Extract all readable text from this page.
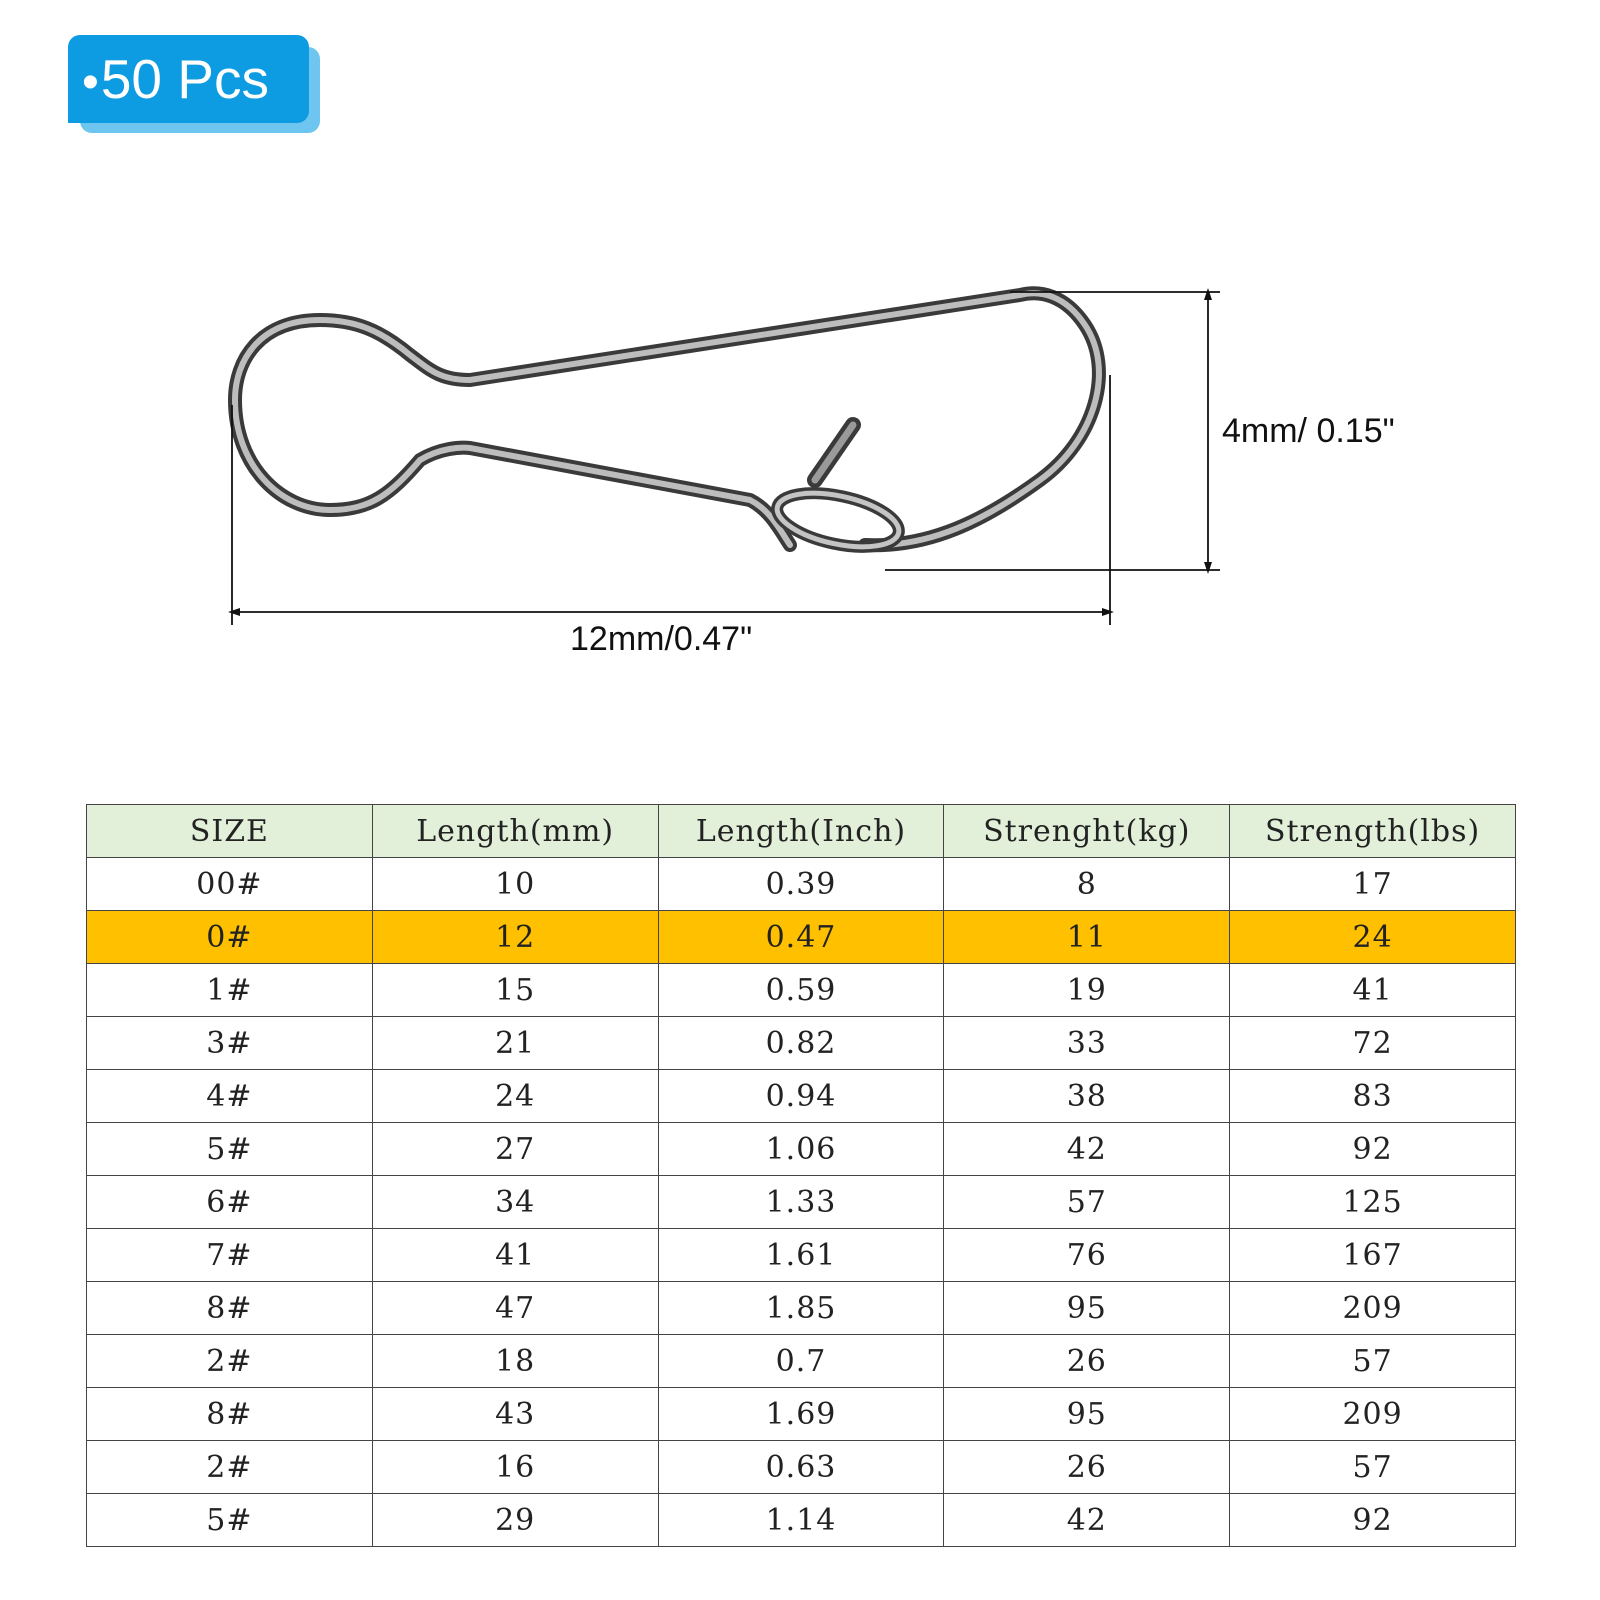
•50 Pcs
4mm/ 0.15"
12mm/0.47"
SIZE	Length(mm)	Length(Inch)	Strenght(kg)	Strength(lbs)
00#	10	0.39	8	17
0#	12	0.47	11	24
1#	15	0.59	19	41
3#	21	0.82	33	72
4#	24	0.94	38	83
5#	27	1.06	42	92
6#	34	1.33	57	125
7#	41	1.61	76	167
8#	47	1.85	95	209
2#	18	0.7	26	57
8#	43	1.69	95	209
2#	16	0.63	26	57
5#	29	1.14	42	92
